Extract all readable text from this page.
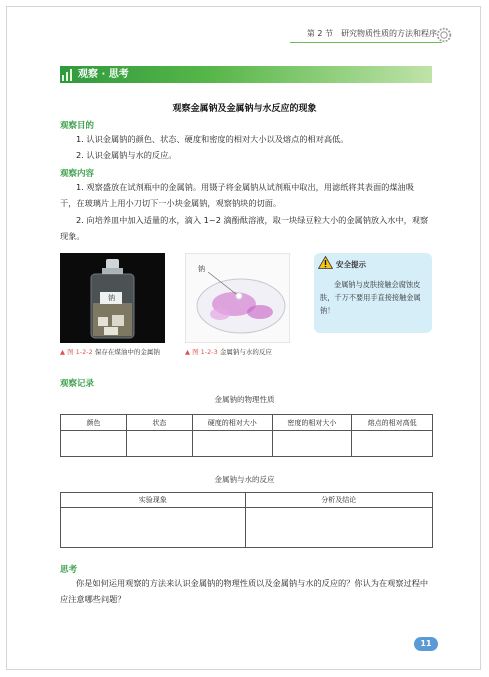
第 2 节　研究物质性质的方法和程序
观察 · 思考
观察金属钠及金属钠与水反应的现象
观察目的
1. 认识金属钠的颜色、状态、硬度和密度的相对大小以及熔点的相对高低。
2. 认识金属钠与水的反应。
观察内容
1. 观察盛放在试剂瓶中的金属钠。用镊子将金属钠从试剂瓶中取出，用滤纸将其表面的煤油吸干，在玻璃片上用小刀切下一小块金属钠，观察钠块的切面。
2. 向培养皿中加入适量的水，滴入 1~2 滴酚酞溶液，取一块绿豆粒大小的金属钠放入水中，观察现象。
钠
▲ 图 1-2-2 保存在煤油中的金属钠
钠
▲ 图 1-2-3 金属钠与水的反应
安全提示
金属钠与皮肤接触会腐蚀皮肤，千万不要用手直接接触金属钠！
观察记录
金属钠的物理性质
颜色	状态	硬度的相对大小	密度的相对大小	熔点的相对高低

金属钠与水的反应
实验现象	分析及结论

思考
你是如何运用观察的方法来认识金属钠的物理性质以及金属钠与水的反应的？你认为在观察过程中应注意哪些问题？
11
